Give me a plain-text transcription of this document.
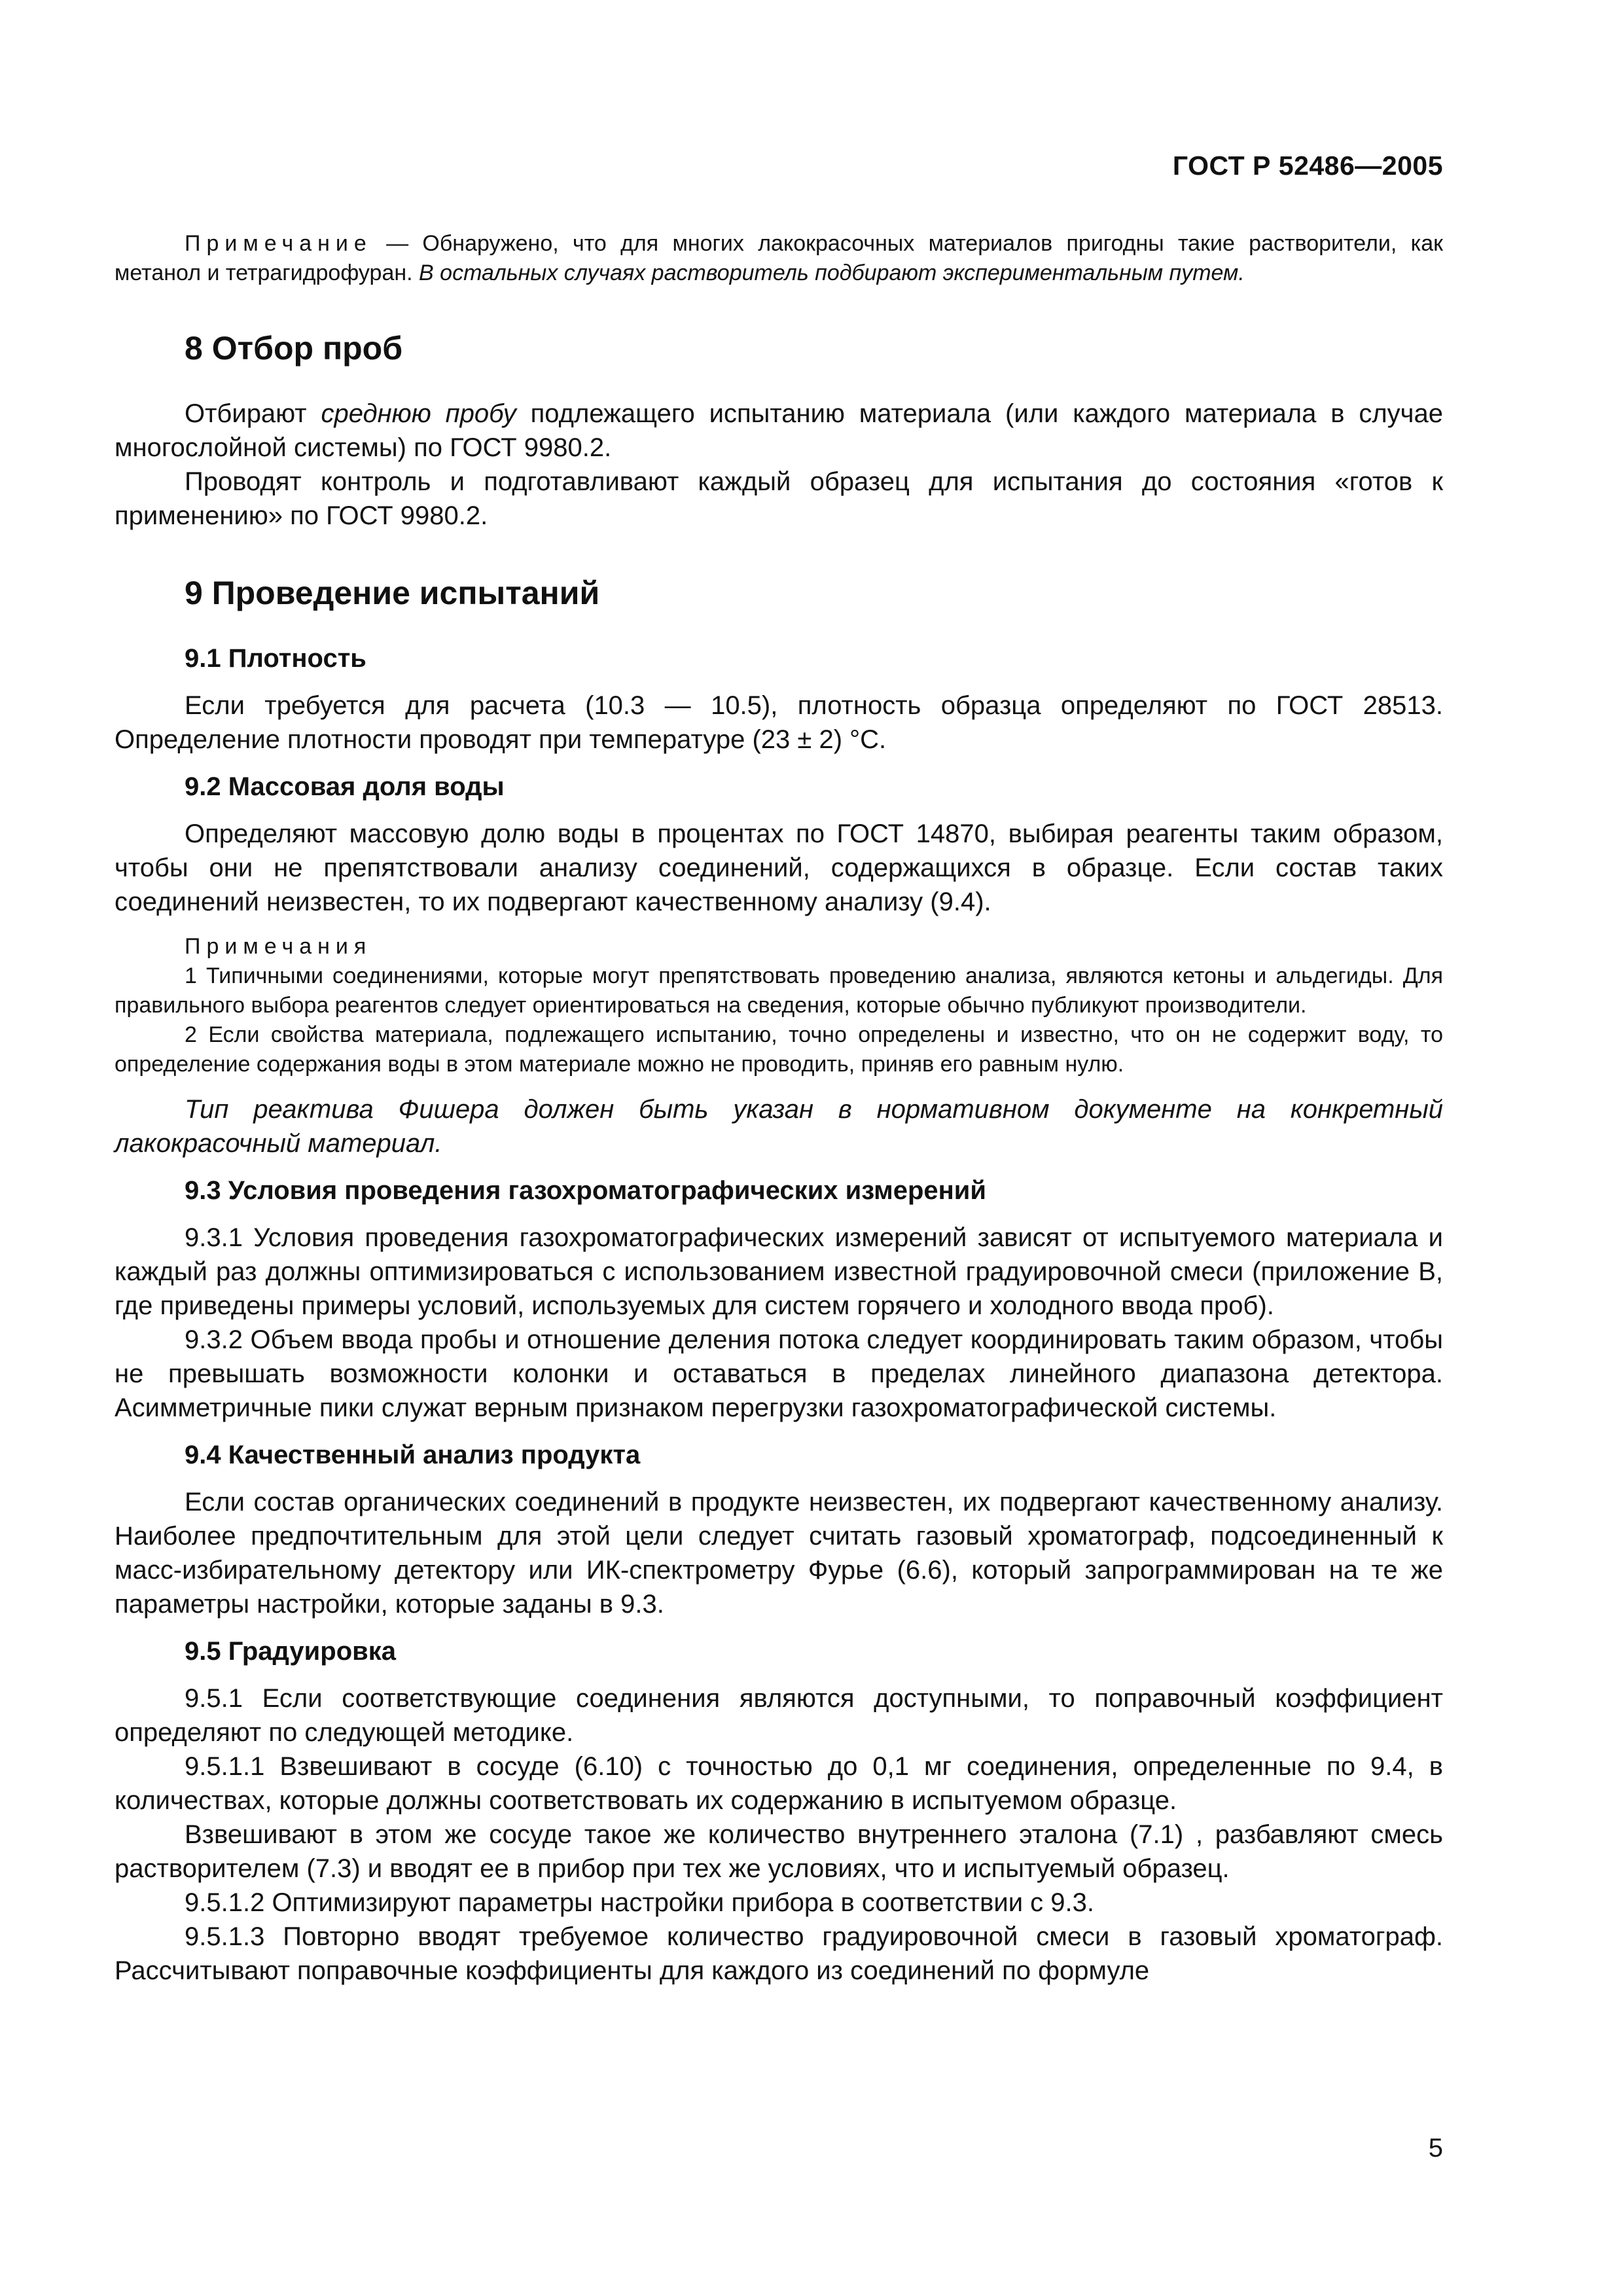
ГОСТ Р 52486—2005

Примечание — Обнаружено, что для многих лакокрасочных материалов пригодны такие растворители, как метанол и тетрагидрофуран. В остальных случаях растворитель подбирают экспериментальным путем.

8 Отбор проб

Отбирают среднюю пробу подлежащего испытанию материала (или каждого материала в случае многослойной системы) по ГОСТ 9980.2.

Проводят контроль и подготавливают каждый образец для испытания до состояния «готов к применению» по ГОСТ 9980.2.

9 Проведение испытаний
9.1 Плотность

Если требуется для расчета (10.3 — 10.5), плотность образца определяют по ГОСТ 28513. Определение плотности проводят при температуре (23 ± 2) °С.

9.2 Массовая доля воды

Определяют массовую долю воды в процентах по ГОСТ 14870, выбирая реагенты таким образом, чтобы они не препятствовали анализу соединений, содержащихся в образце. Если состав таких соединений неизвестен, то их подвергают качественному анализу (9.4).

Примечания

1 Типичными соединениями, которые могут препятствовать проведению анализа, являются кетоны и альдегиды. Для правильного выбора реагентов следует ориентироваться на сведения, которые обычно публикуют производители.

2 Если свойства материала, подлежащего испытанию, точно определены и известно, что он не содержит воду, то определение содержания воды в этом материале можно не проводить, приняв его равным нулю.

Тип реактива Фишера должен быть указан в нормативном документе на конкретный лакокрасочный материал.

9.3 Условия проведения газохроматографических измерений

9.3.1 Условия проведения газохроматографических измерений зависят от испытуемого материала и каждый раз должны оптимизироваться с использованием известной градуировочной смеси (приложение В, где приведены примеры условий, используемых для систем горячего и холодного ввода проб).

9.3.2 Объем ввода пробы и отношение деления потока следует координировать таким образом, чтобы не превышать возможности колонки и оставаться в пределах линейного диапазона детектора. Асимметричные пики служат верным признаком перегрузки газохроматографической системы.

9.4 Качественный анализ продукта

Если состав органических соединений в продукте неизвестен, их подвергают качественному анализу. Наиболее предпочтительным для этой цели следует считать газовый хроматограф, подсоединенный к масс-избирательному детектору или ИК-спектрометру Фурье (6.6), который запрограммирован на те же параметры настройки, которые заданы в 9.3.

9.5 Градуировка

9.5.1 Если соответствующие соединения являются доступными, то поправочный коэффициент определяют по следующей методике.

9.5.1.1 Взвешивают в сосуде (6.10) с точностью до 0,1 мг соединения, определенные по 9.4, в количествах, которые должны соответствовать их содержанию в испытуемом образце.

Взвешивают в этом же сосуде такое же количество внутреннего эталона (7.1) , разбавляют смесь растворителем (7.3) и вводят ее в прибор при тех же условиях, что и испытуемый образец.

9.5.1.2 Оптимизируют параметры настройки прибора в соответствии с 9.3.

9.5.1.3 Повторно вводят требуемое количество градуировочной смеси в газовый хроматограф. Рассчитывают поправочные коэффициенты для каждого из соединений по формуле

5
